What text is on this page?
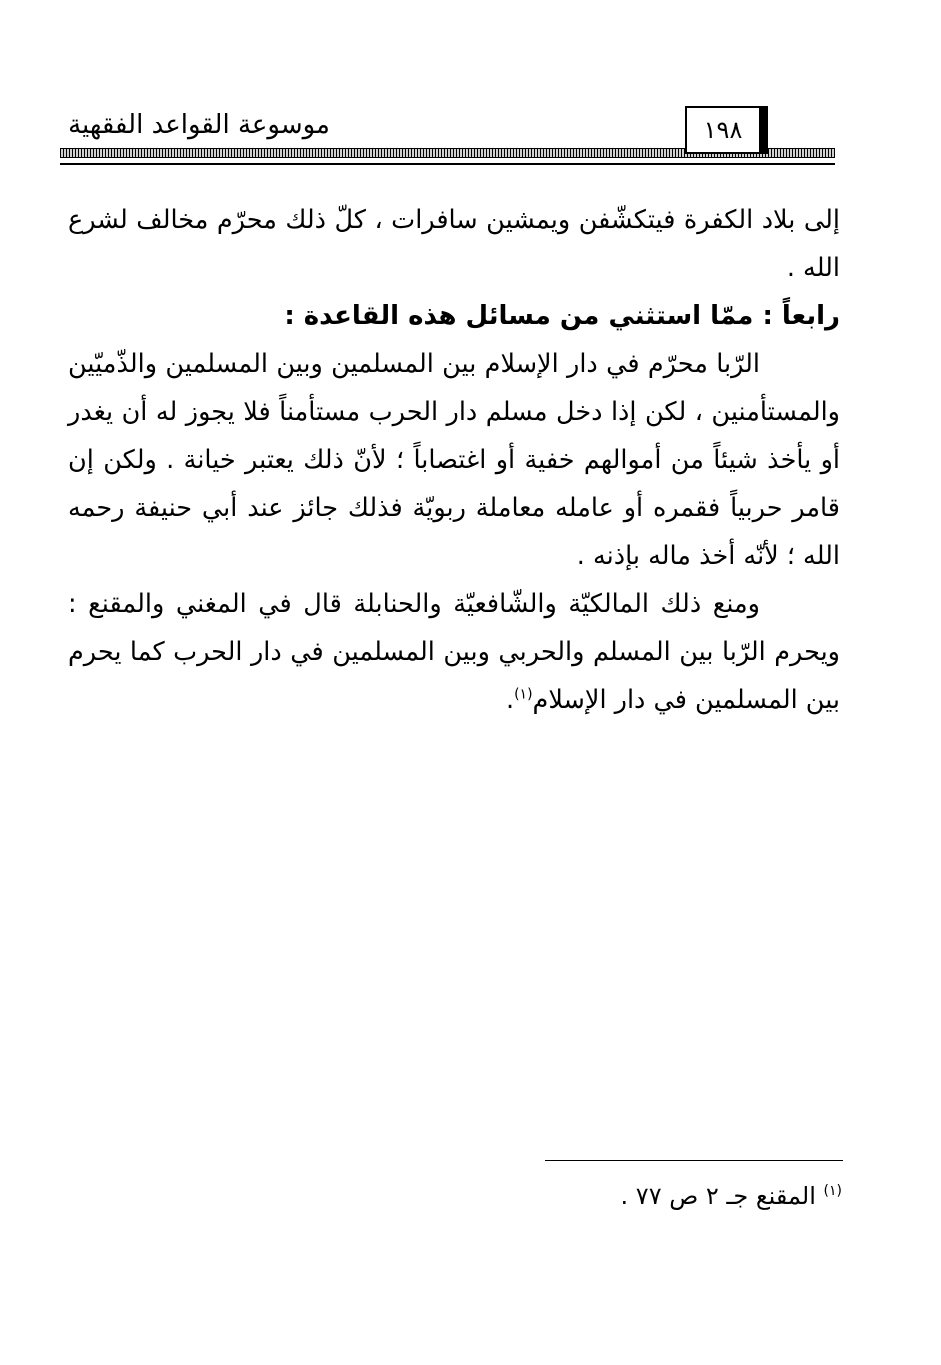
موسوعة القواعد الفقهية	١٩٨

إلى بلاد الكفرة فيتكشّفن ويمشين سافرات ، كلّ ذلك محرّم مخالف لشرع الله .

رابعاً : ممّا استثني من مسائل هذه القاعدة :

الرّبا محرّم في دار الإسلام بين المسلمين وبين المسلمين والذّميّين والمستأمنين ، لكن إذا دخل مسلم دار الحرب مستأمناً فلا يجوز له أن يغدر أو يأخذ شيئاً من أموالهم خفية أو اغتصاباً ؛ لأنّ ذلك يعتبر خيانة . ولكن إن قامر حربياً فقمره أو عامله معاملة ربويّة فذلك جائز عند أبي حنيفة رحمه الله ؛ لأنّه أخذ ماله بإذنه .

ومنع ذلك المالكيّة والشّافعيّة والحنابلة قال في المغني والمقنع : ويحرم الرّبا بين المسلم والحربي وبين المسلمين في دار الحرب كما يحرم بين المسلمين في دار الإسلام$^{(١)}$.

$^{(١)}$ المقنع جـ ٢ ص ٧٧ .
